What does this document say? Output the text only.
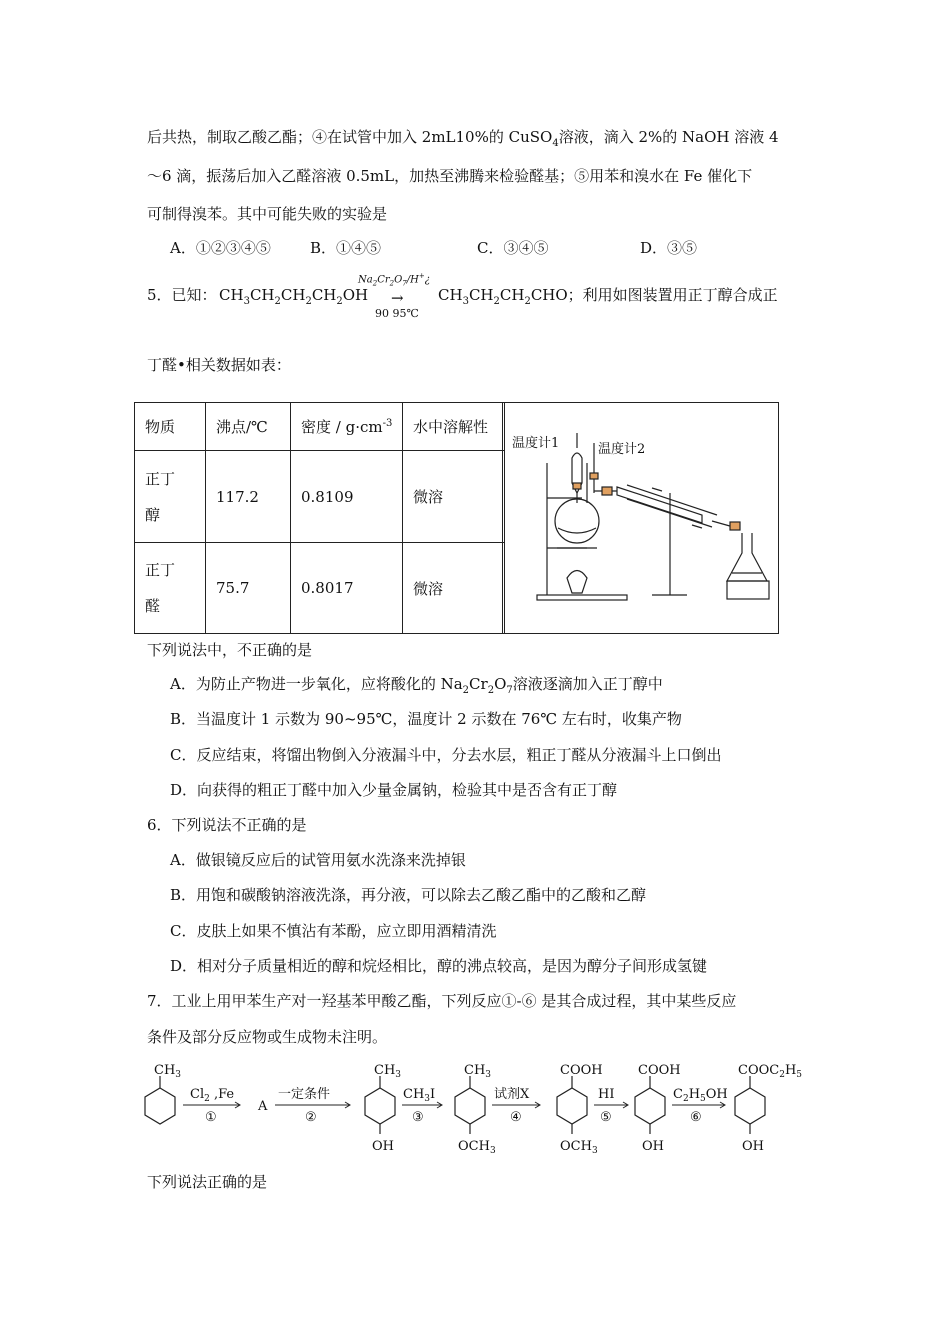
后共热，制取乙酸乙酯；④在试管中加入 2mL10%的 CuSO$_4$溶液，滴入 2%的 NaOH 溶液 4
～6 滴，振荡后加入乙醛溶液 0.5mL，加热至沸腾来检验醛基；⑤用苯和溴水在 Fe 催化下
可制得溴苯。其中可能失败的实验是
A．①②③④⑤	B．①④⑤	C．③④⑤	D．③⑤
5．已知： $CH_3CH_2CH_2CH_2OH$
$Na_2Cr_2O_7/H^+¿$
→
90 95℃
$CH_3CH_2CH_2CHO$；利用如图装置用正丁醇合成正
丁醛•相关数据如表：
物质	沸点/℃	密度 / $g\cdot cm^{-3}$	水中溶解性
正丁
醇	117.2	0.8109	微溶
正丁
醛	75.7	0.8017	微溶
温度计1	温度计2
下列说法中，不正确的是
A．为防止产物进一步氧化，应将酸化的 $Na_2Cr_2O_7$溶液逐滴加入正丁醇中
B．当温度计 1 示数为 90~95℃，温度计 2 示数在 76℃ 左右时，收集产物
C．反应结束，将馏出物倒入分液漏斗中，分去水层，粗正丁醛从分液漏斗上口倒出
D．向获得的粗正丁醛中加入少量金属钠，检验其中是否含有正丁醇
6．下列说法不正确的是
A．做银镜反应后的试管用氨水洗涤来洗掉银
B．用饱和碳酸钠溶液洗涤，再分液，可以除去乙酸乙酯中的乙酸和乙醇
C．皮肤上如果不慎沾有苯酚，应立即用酒精清洗
D．相对分子质量相近的醇和烷烃相比，醇的沸点较高，是因为醇分子间形成氢键
7．工业上用甲苯生产对一羟基苯甲酸乙酯，下列反应①-⑥ 是其合成过程，其中某些反应
条件及部分反应物或生成物未注明。
$CH_3$
$Cl_2$ ,Fe
①
A
一定条件
②
$CH_3$
OH
$CH_3I$
③
$CH_3$
$OCH_3$
试剂X
④
COOH
$OCH_3$
HI
⑤
COOH
OH
$C_2H_5OH$
⑥
$COOC_2H_5$
OH
下列说法正确的是
